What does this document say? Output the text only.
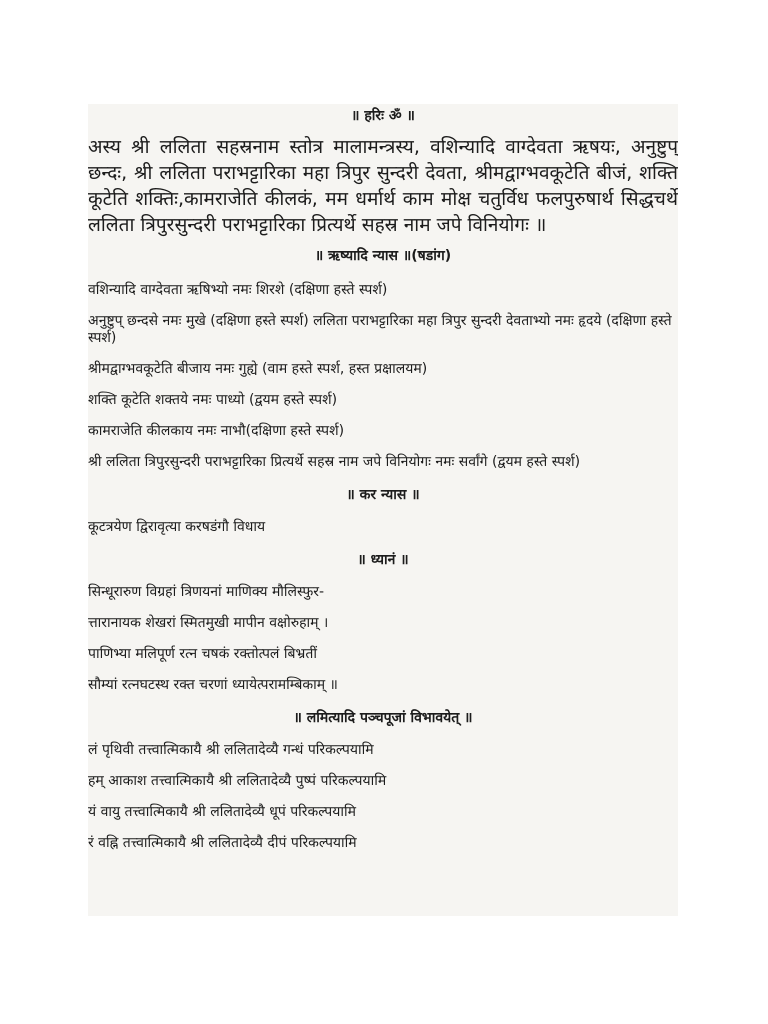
॥ हरिः ॐ ॥

अस्य श्री ललिता सहस्रनाम स्तोत्र मालामन्त्रस्य, वशिन्यादि वाग्देवता ऋषयः, अनुष्टुप् छन्दः, श्री ललिता पराभट्टारिका महा त्रिपुर सुन्दरी देवता, श्रीमद्वाग्भवकूटेति बीजं, शक्ति कूटेति शक्तिः,कामराजेति कीलकं, मम धर्मार्थ काम मोक्ष चतुर्विध फलपुरुषार्थ सिद्धचर्थे ललिता त्रिपुरसुन्दरी पराभट्टारिका प्रित्यर्थे सहस्र नाम जपे विनियोगः ॥

॥ ऋष्यादि न्यास ॥(षडांग)

वशिन्यादि वाग्देवता ऋषिभ्यो नमः शिरशे (दक्षिणा हस्ते स्पर्श)

अनुष्टुप् छन्दसे नमः मुखे (दक्षिणा हस्ते स्पर्श) ललिता पराभट्टारिका महा त्रिपुर सुन्दरी देवताभ्यो नमः हृदये (दक्षिणा हस्ते स्पर्श)

श्रीमद्वाग्भवकूटेति बीजाय नमः गुह्ये (वाम हस्ते स्पर्श, हस्त प्रक्षालयम)

शक्ति कूटेति शक्तये नमः पाध्यो (द्वयम हस्ते स्पर्श)

कामराजेति कीलकाय नमः नाभौ(दक्षिणा हस्ते स्पर्श)

श्री ललिता त्रिपुरसुन्दरी पराभट्टारिका प्रित्यर्थे सहस्र नाम जपे विनियोगः नमः सर्वांगे (द्वयम हस्ते स्पर्श)

॥ कर न्यास ॥

कूटत्रयेण द्विरावृत्या करषडंगौ विधाय

॥ ध्यानं ॥

सिन्धूरारुण विग्रहां त्रिणयनां माणिक्य मौलिस्फुर-

त्तारानायक शेखरां स्मितमुखी मापीन वक्षोरुहाम् ।

पाणिभ्या मलिपूर्ण रत्न चषकं रक्तोत्पलं बिभ्रतीं

सौम्यां रत्नघटस्थ रक्त चरणां ध्यायेत्परामम्बिकाम् ॥

॥ लमित्यादि पञ्चपूजां विभावयेत् ॥

लं पृथिवी तत्त्वात्मिकायै श्री ललितादेव्यै गन्धं परिकल्पयामि

हम् आकाश तत्त्वात्मिकायै श्री ललितादेव्यै पुष्पं परिकल्पयामि

यं वायु तत्त्वात्मिकायै श्री ललितादेव्यै धूपं परिकल्पयामि

रं वह्नि तत्त्वात्मिकायै श्री ललितादेव्यै दीपं परिकल्पयामि
